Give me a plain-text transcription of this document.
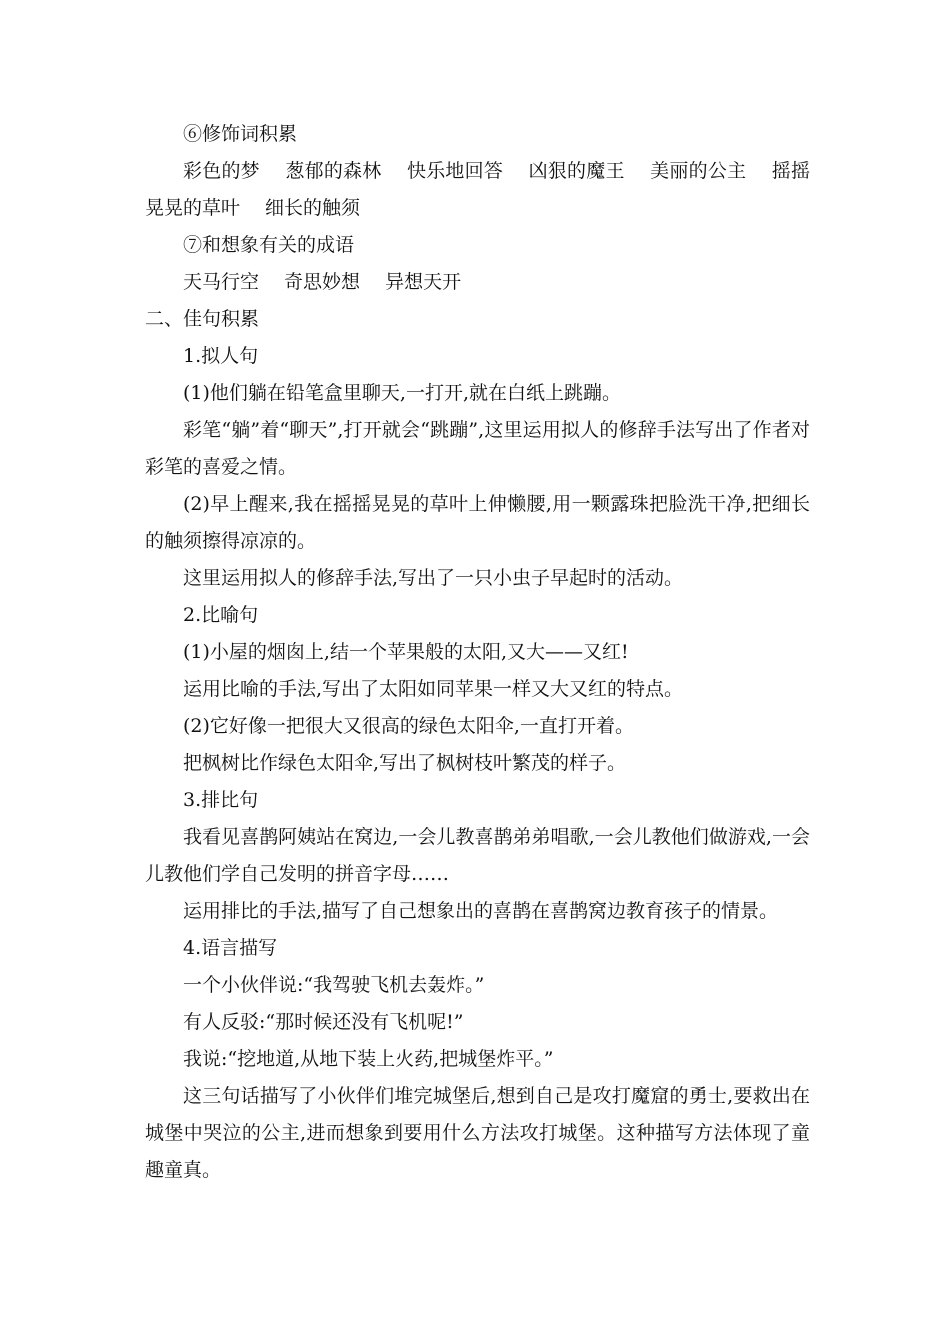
⑥修饰词积累

彩色的梦　 葱郁的森林　 快乐地回答　 凶狠的魔王　 美丽的公主　 摇摇晃晃的草叶　 细长的触须

⑦和想象有关的成语

天马行空　 奇思妙想　 异想天开

二、佳句积累

1.拟人句

(1)他们躺在铅笔盒里聊天,一打开,就在白纸上跳蹦。

彩笔“躺”着“聊天”,打开就会“跳蹦”,这里运用拟人的修辞手法写出了作者对彩笔的喜爱之情。

(2)早上醒来,我在摇摇晃晃的草叶上伸懒腰,用一颗露珠把脸洗干净,把细长的触须擦得凉凉的。

这里运用拟人的修辞手法,写出了一只小虫子早起时的活动。

2.比喻句

(1)小屋的烟囱上,结一个苹果般的太阳,又大——又红!

运用比喻的手法,写出了太阳如同苹果一样又大又红的特点。

(2)它好像一把很大又很高的绿色太阳伞,一直打开着。

把枫树比作绿色太阳伞,写出了枫树枝叶繁茂的样子。

3.排比句

我看见喜鹊阿姨站在窝边,一会儿教喜鹊弟弟唱歌,一会儿教他们做游戏,一会儿教他们学自己发明的拼音字母……

运用排比的手法,描写了自己想象出的喜鹊在喜鹊窝边教育孩子的情景。

4.语言描写

一个小伙伴说:“我驾驶飞机去轰炸。”

有人反驳:“那时候还没有飞机呢!”

我说:“挖地道,从地下装上火药,把城堡炸平。”

这三句话描写了小伙伴们堆完城堡后,想到自己是攻打魔窟的勇士,要救出在城堡中哭泣的公主,进而想象到要用什么方法攻打城堡。这种描写方法体现了童趣童真。
